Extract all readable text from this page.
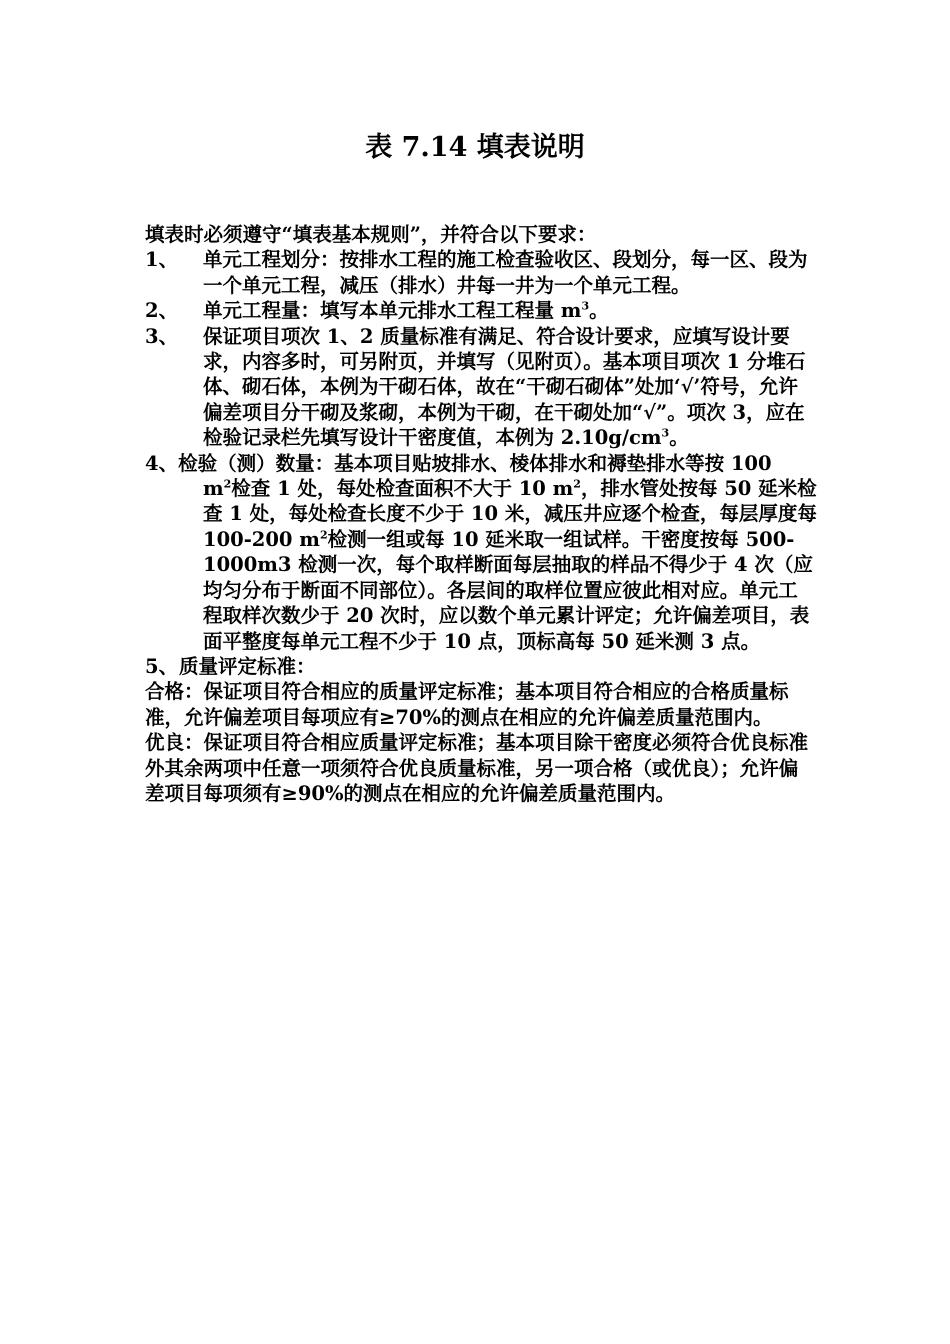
表 7.14 填表说明

填表时必须遵守“填表基本规则”，并符合以下要求：

1、	单元工程划分：按排水工程的施工检查验收区、段划分，每一区、段为一个单元工程，减压（排水）井每一井为一个单元工程。
2、	单元工程量：填写本单元排水工程工程量 $m^3$。
3、	保证项目项次 1、2 质量标准有满足、符合设计要求，应填写设计要求，内容多时，可另附页，并填写（见附页）。基本项目项次 1 分堆石体、砌石体，本例为干砌石体，故在“干砌石砌体”处加‘√’符号，允许偏差项目分干砌及浆砌，本例为干砌，在干砌处加“√”。项次 3，应在检验记录栏先填写设计干密度值，本例为 $2.10g/cm^3$。
4、检验（测）数量：基本项目贴坡排水、棱体排水和褥垫排水等按 100
$m^2$检查 1 处，每处检查面积不大于 10 $m^2$，排水管处按每 50 延米检查 1 处，每处检查长度不少于 10 米，减压井应逐个检查，每层厚度每 100-200 $m^2$检测一组或每 10 延米取一组试样。干密度按每 500-1000m3 检测一次，每个取样断面每层抽取的样品不得少于 4 次（应均匀分布于断面不同部位）。各层间的取样位置应彼此相对应。单元工程取样次数少于 20 次时，应以数个单元累计评定；允许偏差项目，表面平整度每单元工程不少于 10 点，顶标高每 50 延米测 3 点。
5、 质量评定标准：

合格：保证项目符合相应的质量评定标准；基本项目符合相应的合格质量标准，允许偏差项目每项应有≥70%的测点在相应的允许偏差质量范围内。

优良：保证项目符合相应质量评定标准；基本项目除干密度必须符合优良标准外其余两项中任意一项须符合优良质量标准，另一项合格（或优良）；允许偏差项目每项须有≥90%的测点在相应的允许偏差质量范围内。
